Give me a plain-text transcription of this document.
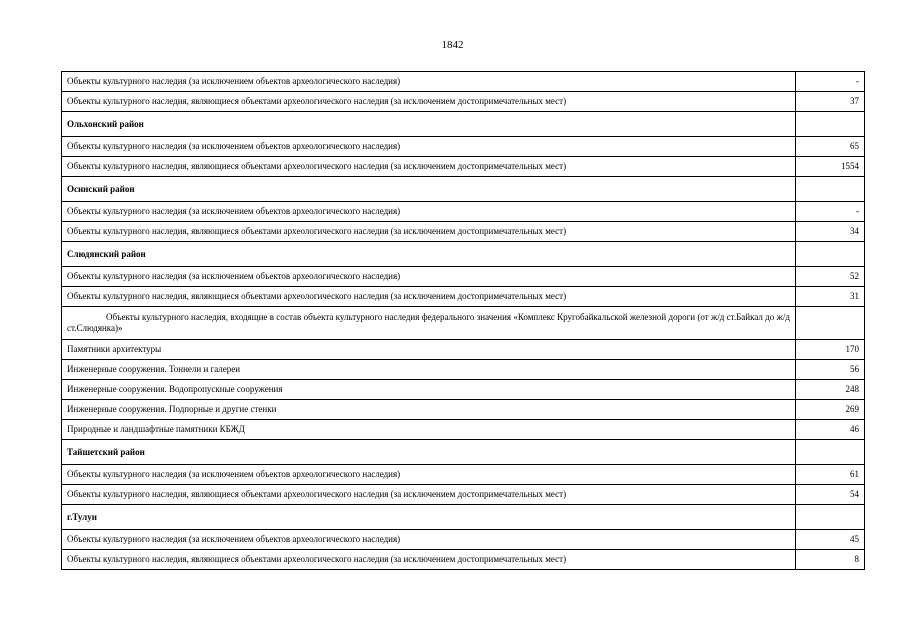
1842
Объекты культурного наследия (за исключением объектов археологического наследия)	-
Объекты культурного наследия, являющиеся объектами археологического наследия (за исключением достопримечательных мест)	37
Ольхонский район	
Объекты культурного наследия (за исключением объектов археологического наследия)	65
Объекты культурного наследия, являющиеся объектами археологического наследия (за исключением достопримечательных мест)	1554
Осинский район	
Объекты культурного наследия (за исключением объектов археологического наследия)	-
Объекты культурного наследия, являющиеся объектами археологического наследия (за исключением достопримечательных мест)	34
Слюдянский район	
Объекты культурного наследия (за исключением объектов археологического наследия)	52
Объекты культурного наследия, являющиеся объектами археологического наследия (за исключением достопримечательных мест)	31
Объекты культурного наследия, входящие в состав объекта культурного наследия федерального значения «Комплекс Кругобайкальской железной дороги (от ж/д ст.Байкал до ж/д ст.Слюдянка)»	
Памятники архитектуры	170
Инженерные сооружения. Тоннели и галереи	56
Инженерные сооружения. Водопропускные сооружения	248
Инженерные сооружения. Подпорные и другие стенки	269
Природные и ландшафтные памятники КБЖД	46
Тайшетский район	
Объекты культурного наследия (за исключением объектов археологического наследия)	61
Объекты культурного наследия, являющиеся объектами археологического наследия (за исключением достопримечательных мест)	54
г.Тулун	
Объекты культурного наследия (за исключением объектов археологического наследия)	45
Объекты культурного наследия, являющиеся объектами археологического наследия (за исключением достопримечательных мест)	8
